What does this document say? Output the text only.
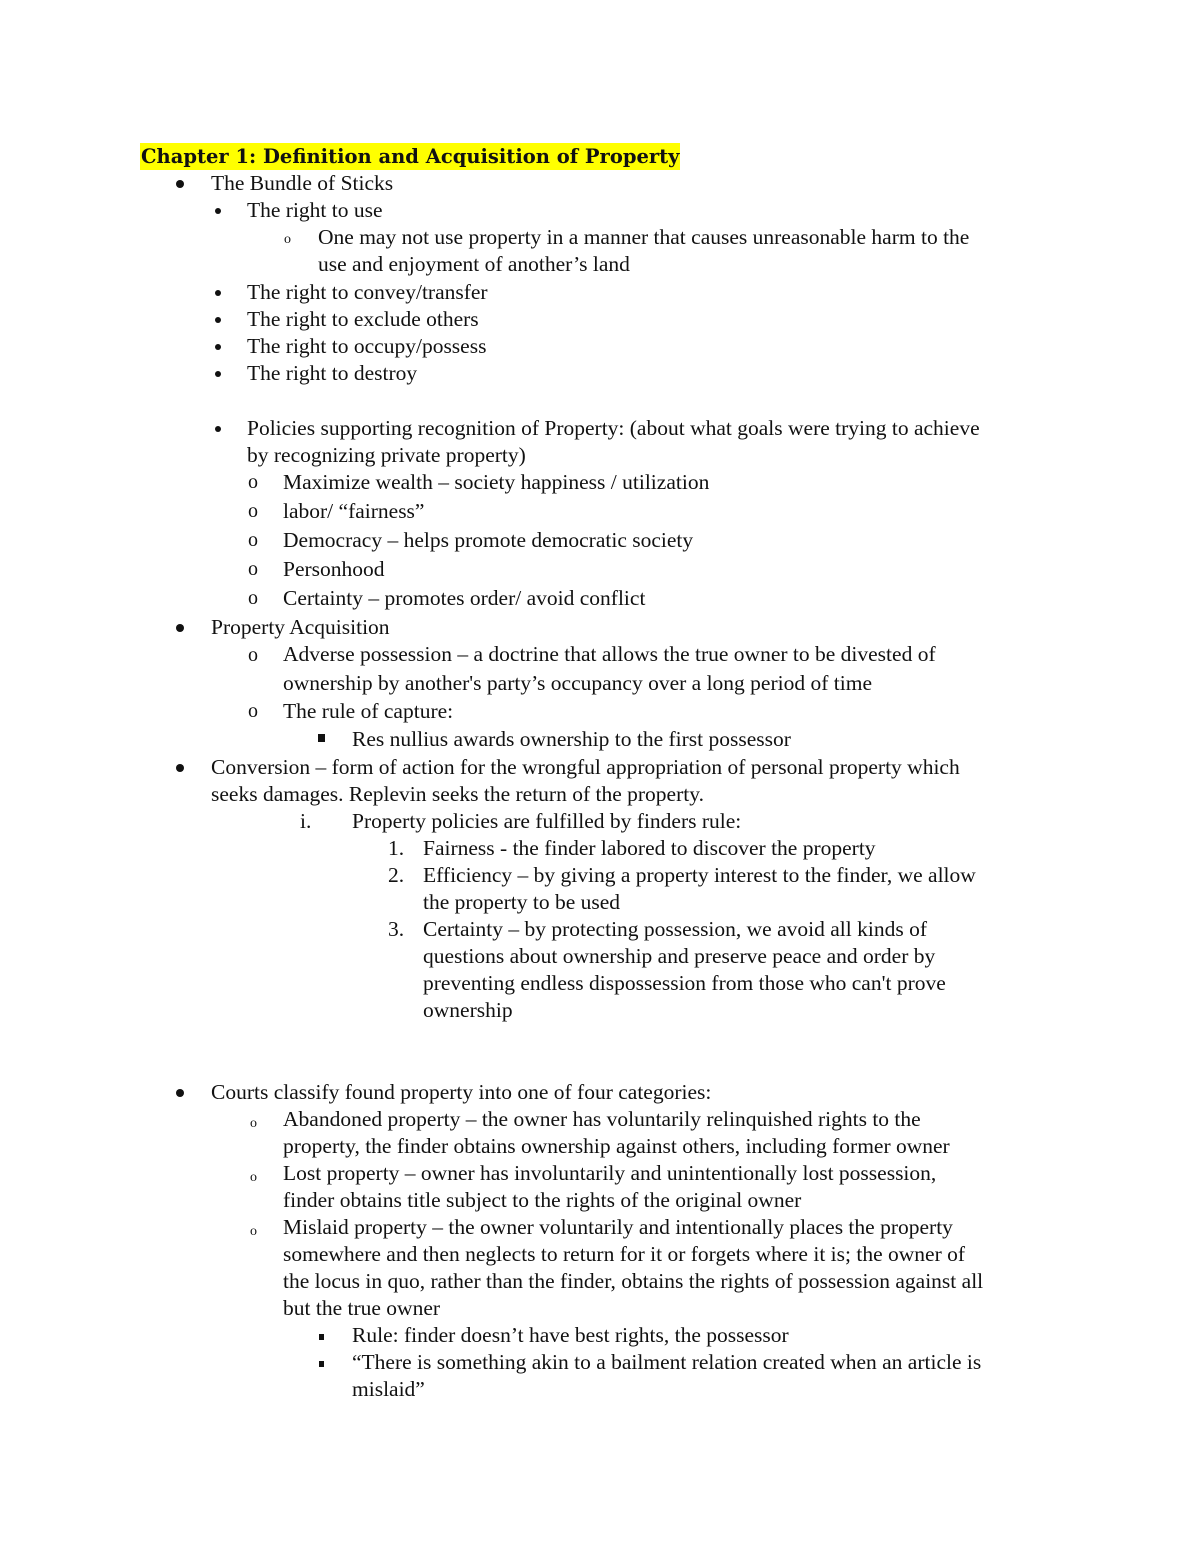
Chapter 1: Definition and Acquisition of Property
The Bundle of Sticks
The right to use
o One may not use property in a manner that causes unreasonable harm to the
use and enjoyment of another’s land
The right to convey/transfer
The right to exclude others
The right to occupy/possess
The right to destroy
Policies supporting recognition of Property: (about what goals were trying to achieve
by recognizing private property)
o Maximize wealth – society happiness / utilization
o labor/ “fairness”
o Democracy – helps promote democratic society
o Personhood
o Certainty – promotes order/ avoid conflict
Property Acquisition
o Adverse possession – a doctrine that allows the true owner to be divested of
ownership by another's party’s occupancy over a long period of time
o The rule of capture:
Res nullius awards ownership to the first possessor
Conversion – form of action for the wrongful appropriation of personal property which
seeks damages. Replevin seeks the return of the property.
i. Property policies are fulfilled by finders rule:
1. Fairness - the finder labored to discover the property
2. Efficiency – by giving a property interest to the finder, we allow
the property to be used
3. Certainty – by protecting possession, we avoid all kinds of
questions about ownership and preserve peace and order by
preventing endless dispossession from those who can't prove
ownership
Courts classify found property into one of four categories:
o Abandoned property – the owner has voluntarily relinquished rights to the
property, the finder obtains ownership against others, including former owner
o Lost property – owner has involuntarily and unintentionally lost possession,
finder obtains title subject to the rights of the original owner
o Mislaid property – the owner voluntarily and intentionally places the property
somewhere and then neglects to return for it or forgets where it is; the owner of
the locus in quo, rather than the finder, obtains the rights of possession against all
but the true owner
Rule: finder doesn’t have best rights, the possessor
“There is something akin to a bailment relation created when an article is
mislaid”
